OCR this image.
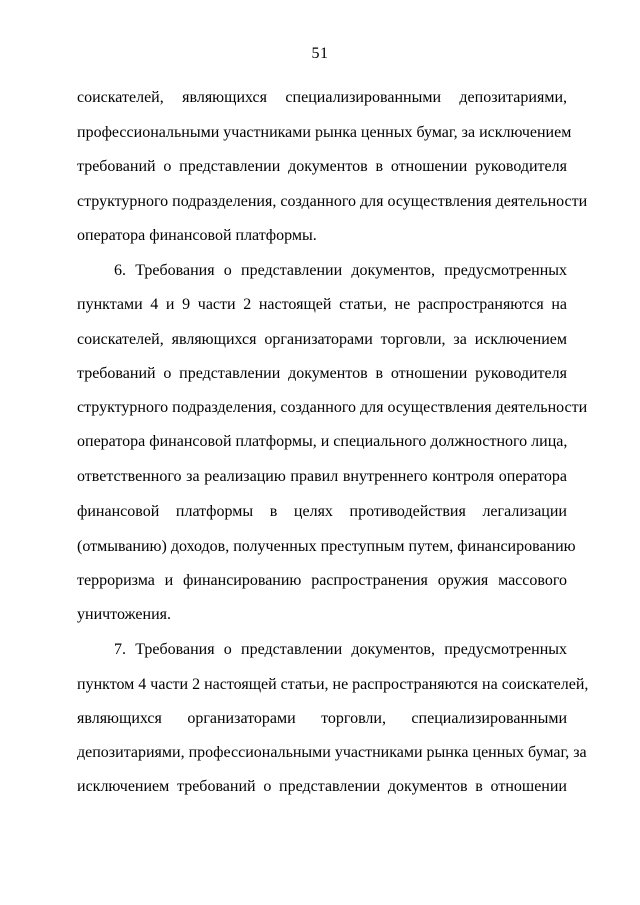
51
соискателей, являющихся специализированными депозитариями,
профессиональными участниками рынка ценных бумаг, за исключением
требований о представлении документов в отношении руководителя
структурного подразделения, созданного для осуществления деятельности
оператора финансовой платформы.
6. Требования о представлении документов, предусмотренных
пунктами 4 и 9 части 2 настоящей статьи, не распространяются на
соискателей, являющихся организаторами торговли, за исключением
требований о представлении документов в отношении руководителя
структурного подразделения, созданного для осуществления деятельности
оператора финансовой платформы, и специального должностного лица,
ответственного за реализацию правил внутреннего контроля оператора
финансовой платформы в целях противодействия легализации
(отмыванию) доходов, полученных преступным путем, финансированию
терроризма и финансированию распространения оружия массового
уничтожения.
7. Требования о представлении документов, предусмотренных
пунктом 4 части 2 настоящей статьи, не распространяются на соискателей,
являющихся организаторами торговли, специализированными
депозитариями, профессиональными участниками рынка ценных бумаг, за
исключением требований о представлении документов в отношении
